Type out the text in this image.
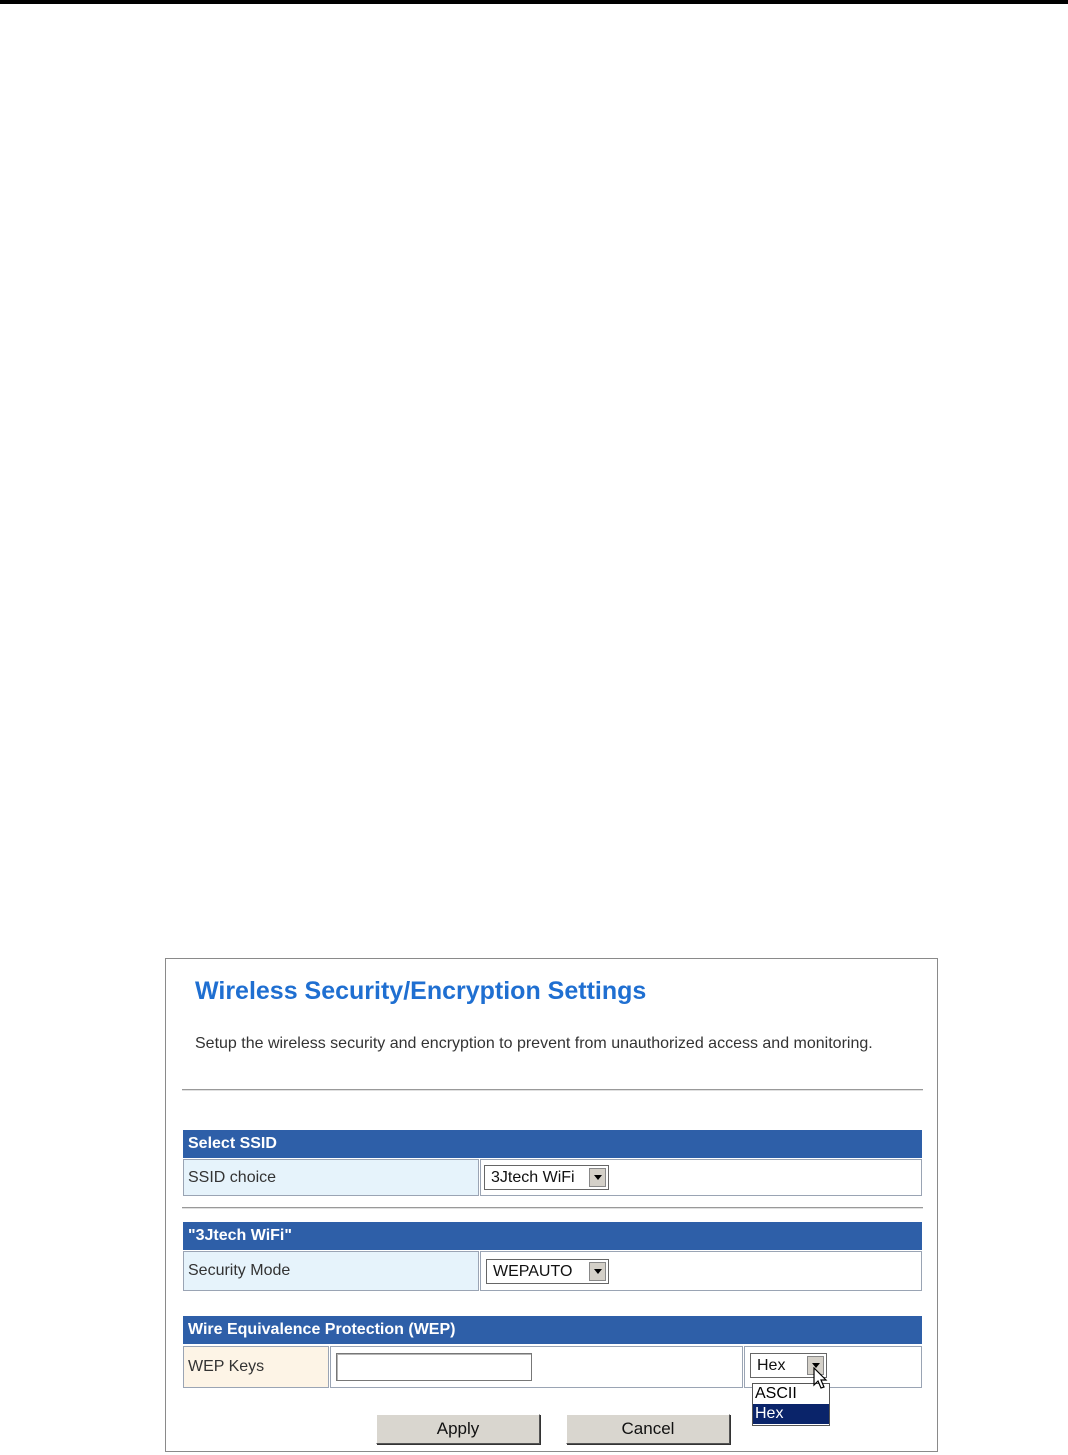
Wireless Security/Encryption Settings
Setup the wireless security and encryption to prevent from unauthorized access and monitoring.
Select SSID
SSID choice	3Jtech WiFi
"3Jtech WiFi"
Security Mode	WEPAUTO
Wire Equivalence Protection (WEP)
WEP Keys	Hex
ASCII
Hex
Apply	Cancel
